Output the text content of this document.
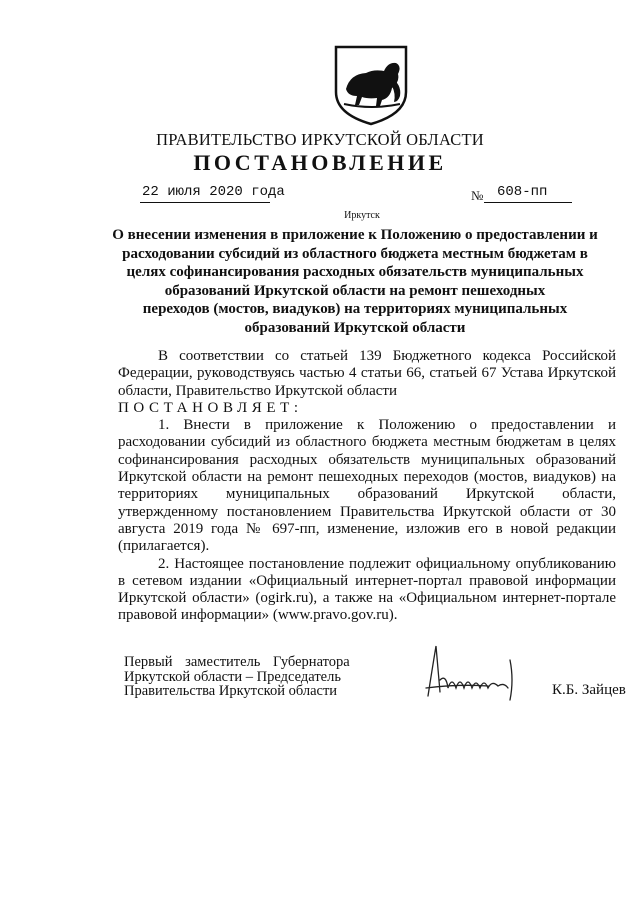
ПРАВИТЕЛЬСТВО ИРКУТСКОЙ ОБЛАСТИ
ПОСТАНОВЛЕНИЕ
22 июля 2020 года	№ 608-пп
Иркутск
О внесении изменения в приложение к Положению о предоставлении и
расходовании субсидий из областного бюджета местным бюджетам в
целях софинансирования расходных обязательств муниципальных
образований Иркутской области на ремонт пешеходных
переходов (мостов, виадуков) на территориях муниципальных
образований Иркутской области

В соответствии со статьей 139 Бюджетного кодекса Российской Федерации, руководствуясь частью 4 статьи 66, статьей 67 Устава Иркутской области, Правительство Иркутской области

ПОСТАНОВЛЯЕТ:

1. Внести в приложение к Положению о предоставлении и расходовании субсидий из областного бюджета местным бюджетам в целях софинансирования расходных обязательств муниципальных образований Иркутской области на ремонт пешеходных переходов (мостов, виадуков) на территориях муниципальных образований Иркутской области, утвержденному постановлением Правительства Иркутской области от 30 августа 2019 года № 697-пп, изменение, изложив его в новой редакции (прилагается).

2. Настоящее постановление подлежит официальному опубликованию в сетевом издании «Официальный интернет-портал правовой информации Иркутской области» (ogirk.ru), а также на «Официальном интернет-портале правовой информации» (www.pravo.gov.ru).

Первый заместитель Губернатора
Иркутской области – Председатель
Правительства Иркутской области	К.Б. Зайцев
